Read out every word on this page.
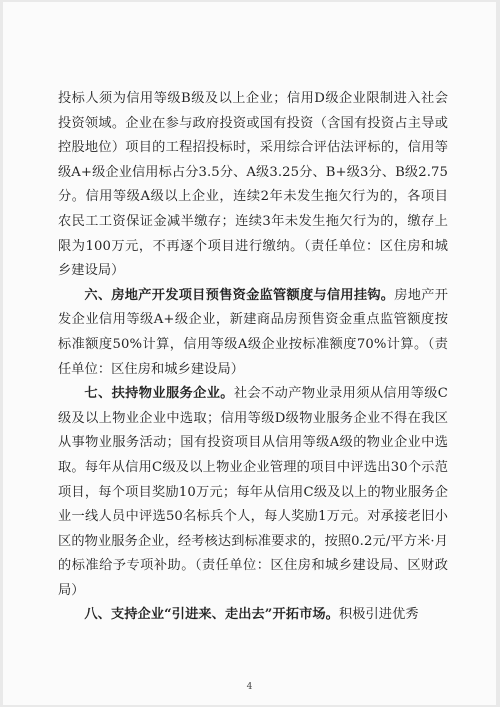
投标人须为信用等级B级及以上企业；信用D级企业限制进入社会投资领域。企业在参与政府投资或国有投资（含国有投资占主导或控股地位）项目的工程招投标时，采用综合评估法评标的，信用等级A+级企业信用标占分3.5分、A级3.25分、B+级3分、B级2.75分。信用等级A级以上企业，连续2年未发生拖欠行为的，各项目农民工工资保证金减半缴存；连续3年未发生拖欠行为的，缴存上限为100万元，不再逐个项目进行缴纳。（责任单位：区住房和城乡建设局）

六、房地产开发项目预售资金监管额度与信用挂钩。房地产开发企业信用等级A+级企业，新建商品房预售资金重点监管额度按标准额度50%计算，信用等级A级企业按标准额度70%计算。（责任单位：区住房和城乡建设局）

七、扶持物业服务企业。社会不动产物业录用须从信用等级C级及以上物业企业中选取；信用等级D级物业服务企业不得在我区从事物业服务活动；国有投资项目从信用等级A级的物业企业中选取。每年从信用C级及以上物业企业管理的项目中评选出30个示范项目，每个项目奖励10万元；每年从信用C级及以上的物业服务企业一线人员中评选50名标兵个人，每人奖励1万元。对承接老旧小区的物业服务企业，经考核达到标准要求的，按照0.2元/平方米·月的标准给予专项补助。（责任单位：区住房和城乡建设局、区财政局）

八、支持企业“引进来、走出去”开拓市场。积极引进优秀

4
